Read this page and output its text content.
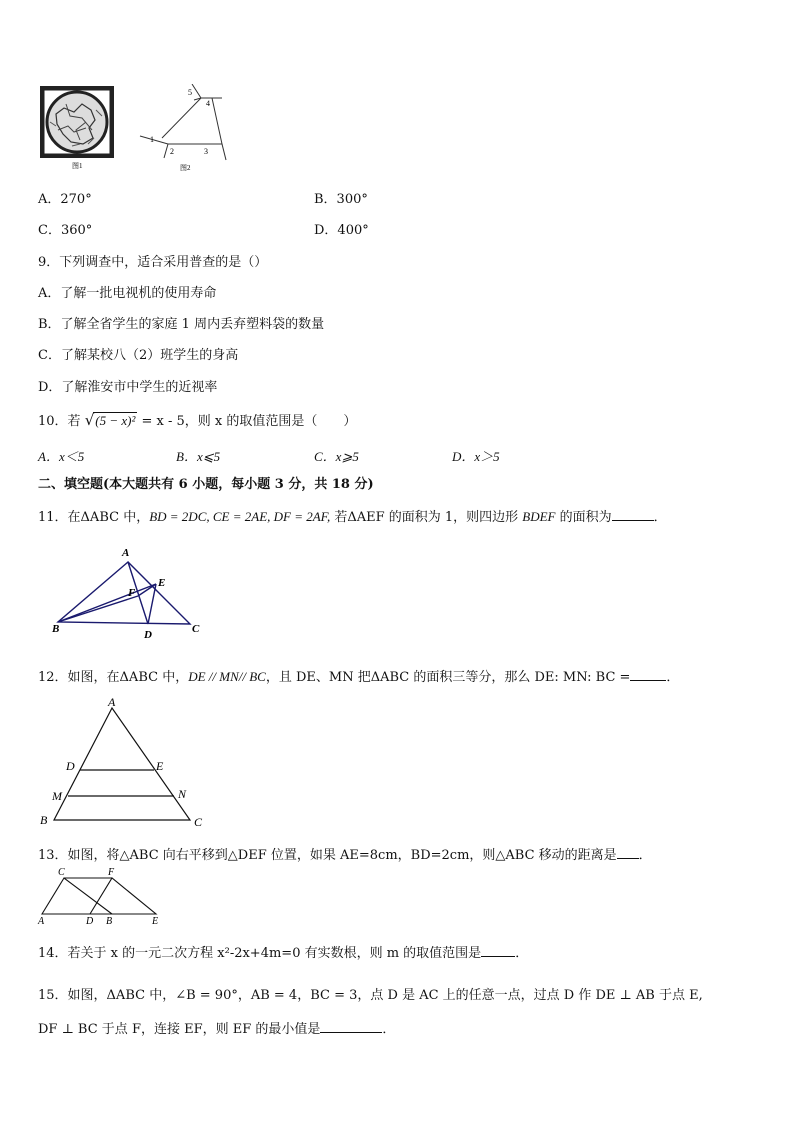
图1
1
2	3
4
5
图2
A．270°	B．300°
C．360°	D．400°
9．下列调查中，适合采用普查的是（）
A．了解一批电视机的使用寿命
B．了解全省学生的家庭 1 周内丢弃塑料袋的数量
C．了解某校八（2）班学生的身高
D．了解淮安市中学生的近视率
10．若 √(5 − x)² = x - 5，则 x 的取值范围是（　　）
A．x＜5	B．x⩽5	C．x⩾5	D．x＞5
二、填空题(本大题共有 6 小题，每小题 3 分，共 18 分)
11．在ΔABC 中，BD = 2DC, CE = 2AE, DF = 2AF, 若ΔAEF 的面积为 1，则四边形 BDEF 的面积为	．
A
B	C
D
E
F
12．如图，在ΔABC 中，DE // MN// BC，且 DE、MN 把ΔABC 的面积三等分，那么 DE: MN: BC =	．
A
D	E
M	N
B	C
13．如图，将△ABC 向右平移到△DEF 位置，如果 AE=8cm，BD=2cm，则△ABC 移动的距离是 ．
A
C	F
D B	E
14．若关于 x 的一元二次方程 x²-2x+4m=0 有实数根，则 m 的取值范围是	．
15．如图，ΔABC 中，∠B = 90°，AB = 4，BC = 3，点 D 是 AC 上的任意一点，过点 D 作 DE ⊥ AB 于点 E,
DF ⊥ BC 于点 F，连接 EF，则 EF 的最小值是	．
